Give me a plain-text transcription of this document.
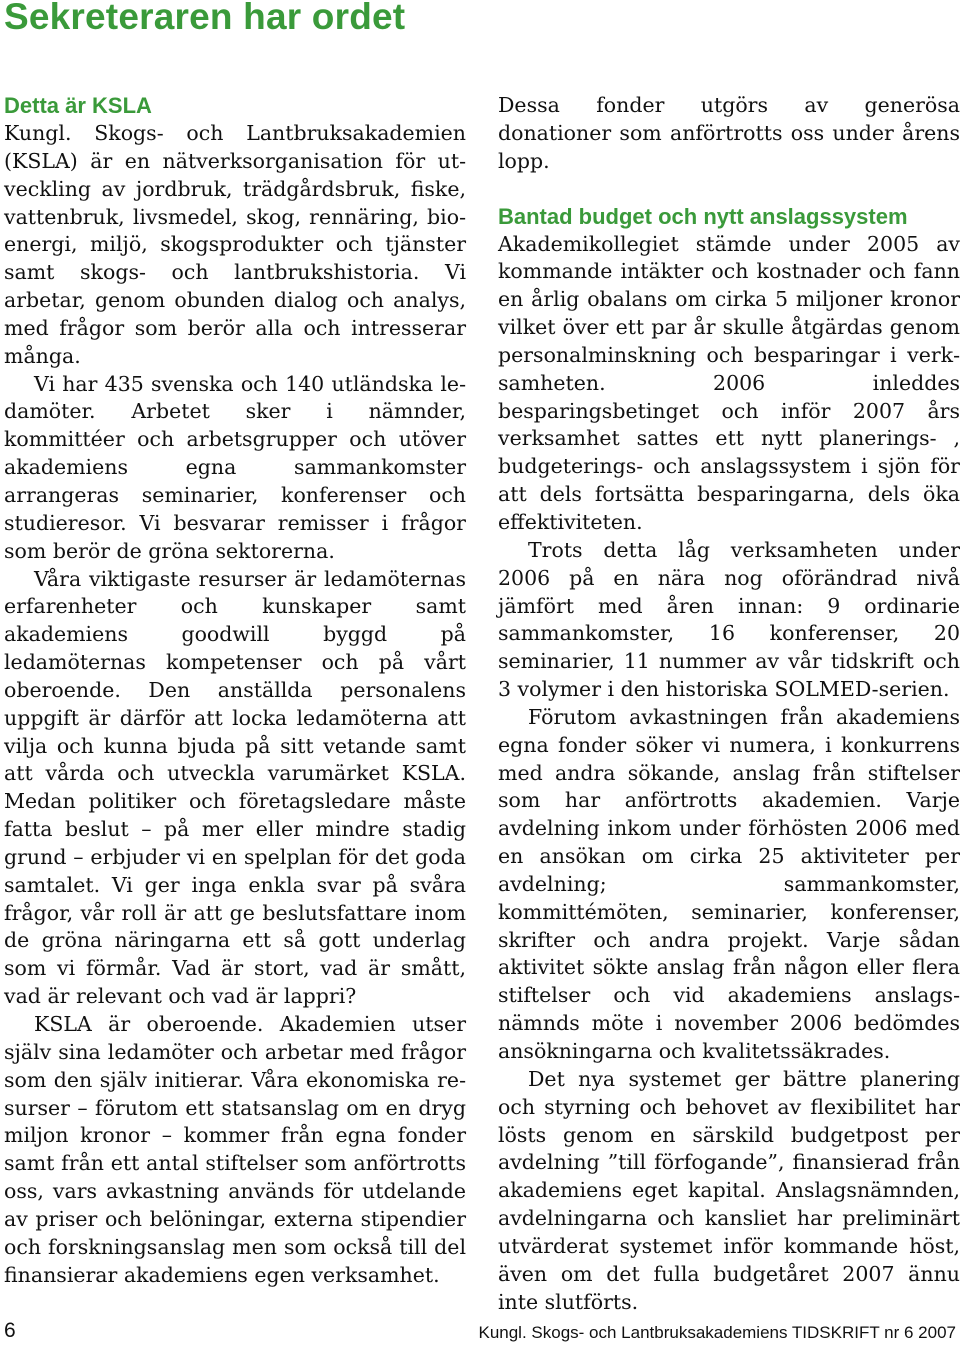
Sekreteraren har ordet
Detta är KSLA

Kungl. Skogs- och Lantbruksakademien (KSLA) är en nätverksorganisation för utveckling av jordbruk, trädgårdsbruk, fiske, vattenbruk, livsmedel, skog, rennäring, bioenergi, miljö, skogsprodukter och tjänster samt skogs- och lantbrukshistoria. Vi arbetar, genom obunden dialog och analys, med frågor som berör alla och intresserar många.

Vi har 435 svenska och 140 utländska ledamöter. Arbetet sker i nämnder, kommittéer och arbetsgrupper och utöver akademiens egna sammankomster arrangeras seminarier, konferenser och studieresor. Vi besvarar remisser i frågor som berör de gröna sektorerna.

Våra viktigaste resurser är ledamöternas erfarenheter och kunskaper samt akademiens goodwill byggd på ledamöternas kompetenser och på vårt oberoende. Den anställda personalens uppgift är därför att locka ledamöterna att vilja och kunna bjuda på sitt vetande samt att vårda och utveckla varumärket KSLA. Medan politiker och företagsledare måste fatta beslut – på mer eller mindre stadig grund – erbjuder vi en spelplan för det goda samtalet. Vi ger inga enkla svar på svåra frågor, vår roll är att ge beslutsfattare inom de gröna näringarna ett så gott underlag som vi förmår. Vad är stort, vad är smått, vad är relevant och vad är lappri?

KSLA är oberoende. Akademien utser själv sina ledamöter och arbetar med frågor som den själv initierar. Våra ekonomiska resurser – förutom ett statsanslag om en dryg miljon kronor – kommer från egna fonder samt från ett antal stiftelser som anförtrotts oss, vars avkastning används för utdelande av priser och belöningar, externa stipendier och forskningsanslag men som också till del finansierar akademiens egen verksamhet.

Dessa fonder utgörs av generösa donationer som anförtrotts oss under årens lopp.

Bantad budget och nytt anslagssystem

Akademikollegiet stämde under 2005 av kommande intäkter och kostnader och fann en årlig obalans om cirka 5 miljoner kronor vilket över ett par år skulle åtgärdas genom personalminskning och besparingar i verksamheten. 2006 inleddes besparingsbetinget och inför 2007 års verksamhet sattes ett nytt planerings- , budgeterings- och anslagssystem i sjön för att dels fortsätta besparingarna, dels öka effektiviteten.

Trots detta låg verksamheten under 2006 på en nära nog oförändrad nivå jämfört med åren innan: 9 ordinarie sammankomster, 16 konferenser, 20 seminarier, 11 nummer av vår tidskrift och 3 volymer i den historiska SOLMED-serien.

Förutom avkastningen från akademiens egna fonder söker vi numera, i konkurrens med andra sökande, anslag från stiftelser som har anförtrotts akademien. Varje avdelning inkom under förhösten 2006 med en ansökan om cirka 25 aktiviteter per avdelning; sammankomster, kommittémöten, seminarier, konferenser, skrifter och andra projekt. Varje sådan aktivitet sökte anslag från någon eller flera stiftelser och vid akademiens anslagsnämnds möte i november 2006 bedömdes ansökningarna och kvalitetssäkrades.

Det nya systemet ger bättre planering och styrning och behovet av flexibilitet har lösts genom en särskild budgetpost per avdelning ”till förfogande”, finansierad från akademiens eget kapital. Anslagsnämnden, avdelningarna och kansliet har preliminärt utvärderat systemet inför kommande höst, även om det fulla budgetåret 2007 ännu inte slutförts.

6	Kungl. Skogs- och Lantbruksakademiens TIDSKRIFT nr 6 2007
